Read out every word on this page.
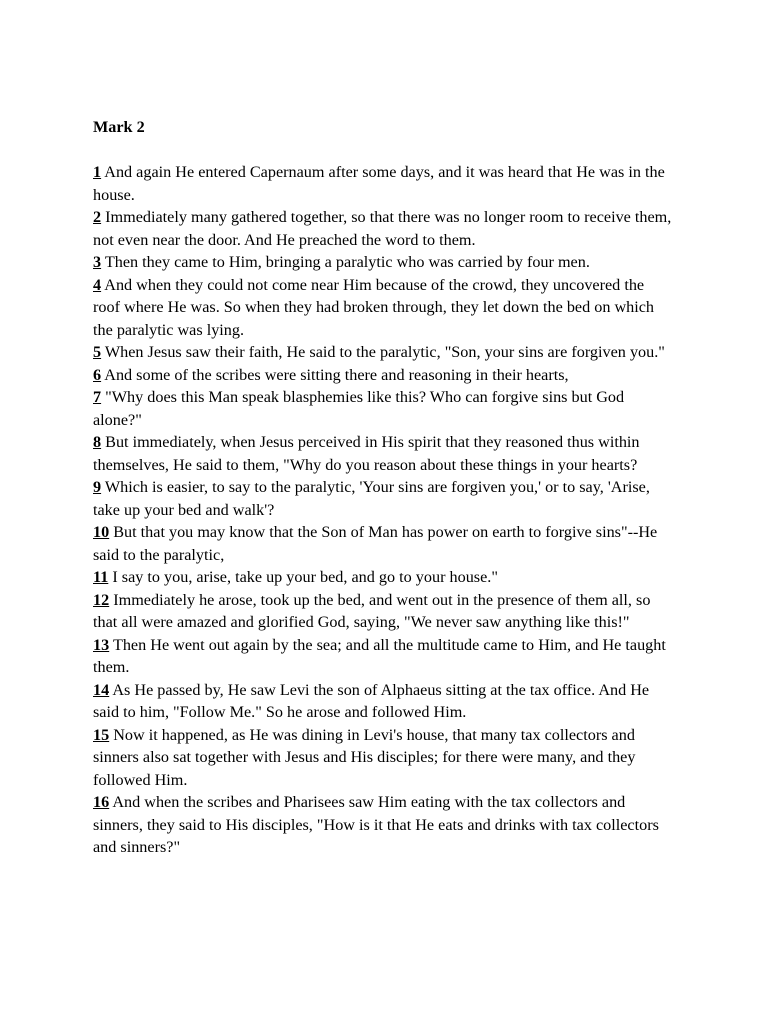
Mark 2

1 And again He entered Capernaum after some days, and it was heard that He was in the house.

2 Immediately many gathered together, so that there was no longer room to receive them, not even near the door. And He preached the word to them.

3 Then they came to Him, bringing a paralytic who was carried by four men.

4 And when they could not come near Him because of the crowd, they uncovered the roof where He was. So when they had broken through, they let down the bed on which the paralytic was lying.

5 When Jesus saw their faith, He said to the paralytic, "Son, your sins are forgiven you."

6 And some of the scribes were sitting there and reasoning in their hearts,

7 "Why does this Man speak blasphemies like this? Who can forgive sins but God alone?"

8 But immediately, when Jesus perceived in His spirit that they reasoned thus within themselves, He said to them, "Why do you reason about these things in your hearts?

9 Which is easier, to say to the paralytic, 'Your sins are forgiven you,' or to say, 'Arise, take up your bed and walk'?

10 But that you may know that the Son of Man has power on earth to forgive sins"--He said to the paralytic,

11 I say to you, arise, take up your bed, and go to your house."

12 Immediately he arose, took up the bed, and went out in the presence of them all, so that all were amazed and glorified God, saying, "We never saw anything like this!"

13 Then He went out again by the sea; and all the multitude came to Him, and He taught them.

14 As He passed by, He saw Levi the son of Alphaeus sitting at the tax office. And He said to him, "Follow Me." So he arose and followed Him.

15 Now it happened, as He was dining in Levi's house, that many tax collectors and sinners also sat together with Jesus and His disciples; for there were many, and they followed Him.

16 And when the scribes and Pharisees saw Him eating with the tax collectors and sinners, they said to His disciples, "How is it that He eats and drinks with tax collectors and sinners?"
